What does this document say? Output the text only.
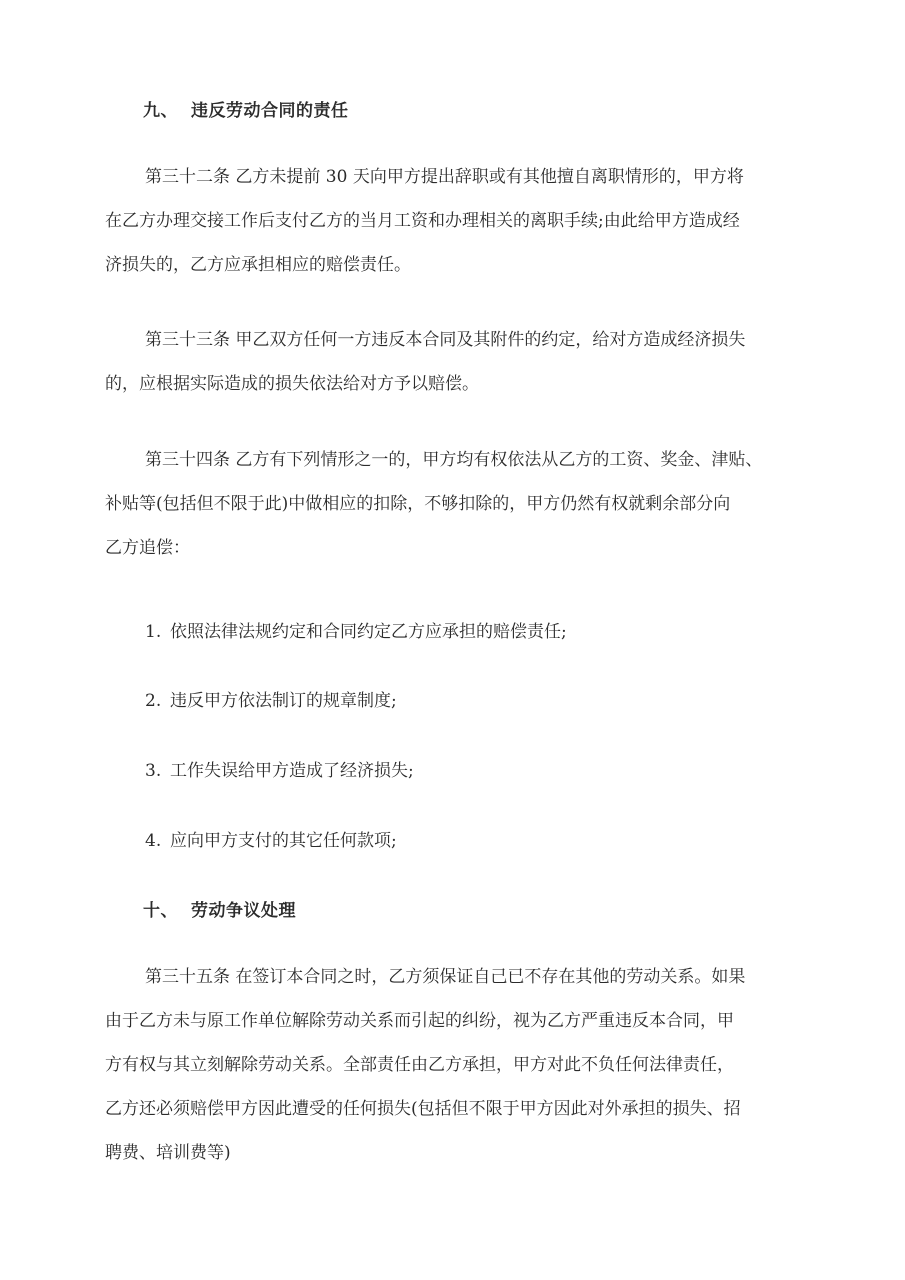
九、 违反劳动合同的责任
第三十二条 乙方未提前 30 天向甲方提出辞职或有其他擅自离职情形的，甲方将
在乙方办理交接工作后支付乙方的当月工资和办理相关的离职手续;由此给甲方造成经
济损失的，乙方应承担相应的赔偿责任。
第三十三条 甲乙双方任何一方违反本合同及其附件的约定，给对方造成经济损失
的，应根据实际造成的损失依法给对方予以赔偿。
第三十四条 乙方有下列情形之一的，甲方均有权依法从乙方的工资、奖金、津贴、
补贴等(包括但不限于此)中做相应的扣除，不够扣除的，甲方仍然有权就剩余部分向
乙方追偿：
1. 依照法律法规约定和合同约定乙方应承担的赔偿责任;
2. 违反甲方依法制订的规章制度;
3. 工作失误给甲方造成了经济损失;
4. 应向甲方支付的其它任何款项;
十、 劳动争议处理
第三十五条 在签订本合同之时，乙方须保证自己已不存在其他的劳动关系。如果
由于乙方未与原工作单位解除劳动关系而引起的纠纷，视为乙方严重违反本合同，甲
方有权与其立刻解除劳动关系。全部责任由乙方承担，甲方对此不负任何法律责任，
乙方还必须赔偿甲方因此遭受的任何损失(包括但不限于甲方因此对外承担的损失、招
聘费、培训费等)
